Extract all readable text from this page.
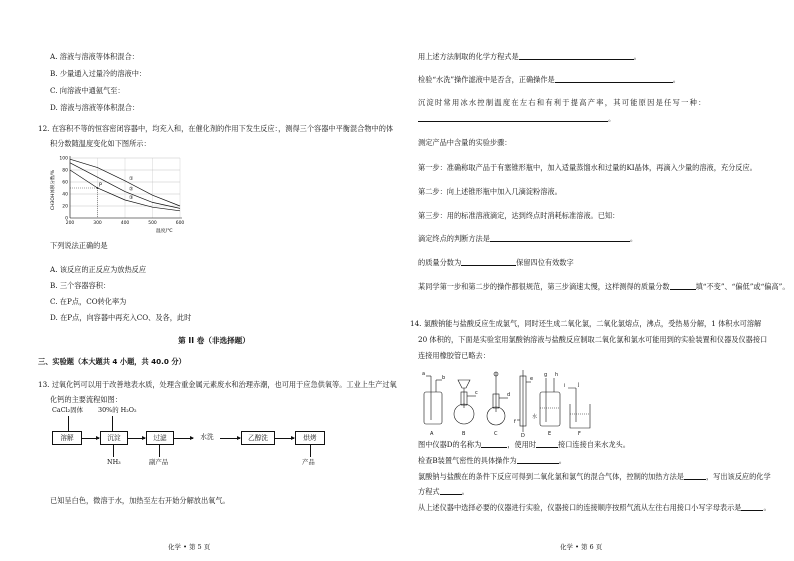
A. 溶液与溶液等体积混合：
B. 少量通入过量冷的溶液中：
C. 向溶液中通氨气至：
D. 溶液与溶液等体积混合：
12. 在容积不等的恒容密闭容器中，均充入和，在催化剂的作用下发生反应：，测得三个容器中平衡混合物中的体
积分数随温度变化如下图所示：
①
②
③
P
0
20
40
60
80
100
200	300	400	500	600
CH3OH体积分数/%
温度/℃
下列说法正确的是
A. 该反应的正反应为放热反应
B. 三个容器容积：
C. 在P点，CO转化率为
D. 在P点，向容器中再充入CO、及各，此时
第 II 卷（非选择题）
三、实验题（本大题共 4 小题，共 40.0 分）
13. 过氧化钙可以用于改善地表水质，处理含重金属元素废水和治理赤潮，也可用于应急供氧等。工业上生产过氧
化钙的主要流程如图：
CaCl₂固体 30%的 H₂O₂
溶解	沉淀	过滤	水洗	乙醇洗	烘烤
NH₃	副产品	产品
已知呈白色，微溶于水，加热至左右开始分解放出氧气。
化学 • 第 5 页
用上述方法制取的化学方程式是	。
检验“水洗”操作滤液中是否含，正确操作是	。
沉淀时常用冰水控制温度在左右和有利于提高产率，其可能原因是任写一种：
。
测定产品中含量的实验步骤：
第一步：准确称取产品于有塞锥形瓶中，加入适量蒸馏水和过量的KI晶体，再滴入少量的溶液，充分反应。
第二步：向上述锥形瓶中加入几滴淀粉溶液。
第三步：用的标准溶液滴定，达到终点时消耗标准溶液。已知：
滴定终点的判断方法是	。
的质量分数为	保留四位有效数字
某同学第一步和第二步的操作都很规范，第三步滴速太慢，这样测得的质量分数	填“不变”、“偏低”或“偏高”。
14. 氯酸钠能与盐酸反应生成氯气，同时还生成二氧化氯，二氧化氯熔点，沸点，受热易分解，1 体积水可溶解
20 体积的，下面是实验室用氯酸钠溶液与盐酸反应制取二氧化氯和氯水可能用到的实验装置和仪器及仪器接口
连接用橡胶管已略去：
A	B	C	D	E	F
a
b
c	d
e
f
g h
i	j
水
图中仪器D的名称为	，使用时	接口连接自来水龙头。
检查B装置气密性的具体操作为	。
氯酸钠与盐酸在的条件下反应可得到二氧化氯和氯气的混合气体，控制的加热方法是	，写出该反应的化学
方程式	。
从上述仪器中选择必要的仪器进行实验，仪器接口的连接顺序按照气流从左往右用接口小写字母表示是	。
化学 • 第 6 页
